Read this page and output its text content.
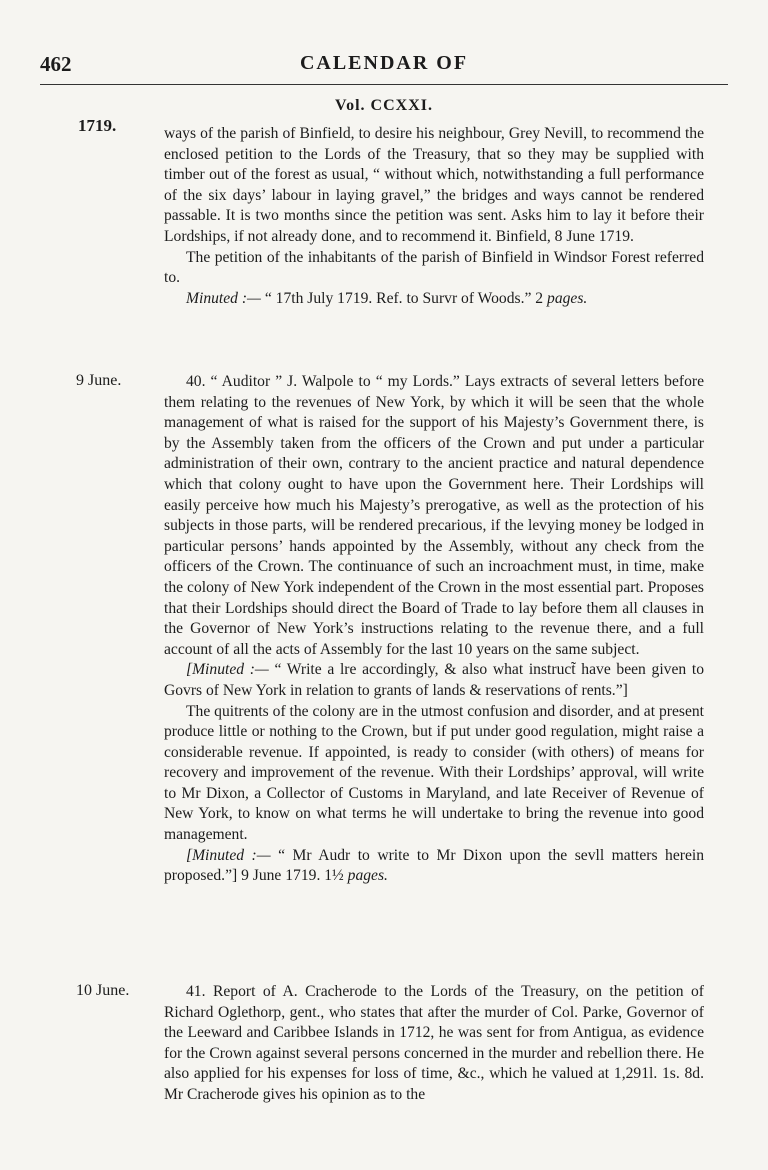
462	CALENDAR OF
Vol. CCXXI.
1719.	ways of the parish of Binfield, to desire his neighbour, Grey Nevill, to recommend the enclosed petition to the Lords of the Treasury, that so they may be supplied with timber out of the forest as usual, “ without which, notwithstanding a full performance of the six days’ labour in laying gravel,” the bridges and ways cannot be rendered passable. It is two months since the petition was sent. Asks him to lay it before their Lordships, if not already done, and to recommend it. Binfield, 8 June 1719.

The petition of the inhabitants of the parish of Binfield in Windsor Forest referred to.

Minuted :— “ 17th July 1719. Ref. to Survr of Woods.” 2 pages.

9 June.	40. “ Auditor ” J. Walpole to “ my Lords.” Lays extracts of several letters before them relating to the revenues of New York, by which it will be seen that the whole management of what is raised for the support of his Majesty’s Government there, is by the Assembly taken from the officers of the Crown and put under a particular administration of their own, contrary to the ancient practice and natural dependence which that colony ought to have upon the Government here. Their Lordships will easily perceive how much his Majesty’s prerogative, as well as the protection of his subjects in those parts, will be rendered precarious, if the levying money be lodged in particular persons’ hands appointed by the Assembly, without any check from the officers of the Crown. The continuance of such an incroachment must, in time, make the colony of New York independent of the Crown in the most essential part. Proposes that their Lordships should direct the Board of Trade to lay before them all clauses in the Governor of New York’s instructions relating to the revenue there, and a full account of all the acts of Assembly for the last 10 years on the same subject.

[Minuted :— “ Write a lre accordingly, & also what instruct̃ have been given to Govrs of New York in relation to grants of lands & reservations of rents.”]

The quitrents of the colony are in the utmost confusion and disorder, and at present produce little or nothing to the Crown, but if put under good regulation, might raise a considerable revenue. If appointed, is ready to consider (with others) of means for recovery and improvement of the revenue. With their Lordships’ approval, will write to Mr Dixon, a Collector of Customs in Maryland, and late Receiver of Revenue of New York, to know on what terms he will undertake to bring the revenue into good management.

[Minuted :— “ Mr Audr to write to Mr Dixon upon the sevll matters herein proposed.”] 9 June 1719. 1½ pages.

10 June.	41. Report of A. Cracherode to the Lords of the Treasury, on the petition of Richard Oglethorp, gent., who states that after the murder of Col. Parke, Governor of the Leeward and Caribbee Islands in 1712, he was sent for from Antigua, as evidence for the Crown against several persons concerned in the murder and rebellion there. He also applied for his expenses for loss of time, &c., which he valued at 1,291l. 1s. 8d. Mr Cracherode gives his opinion as to the
